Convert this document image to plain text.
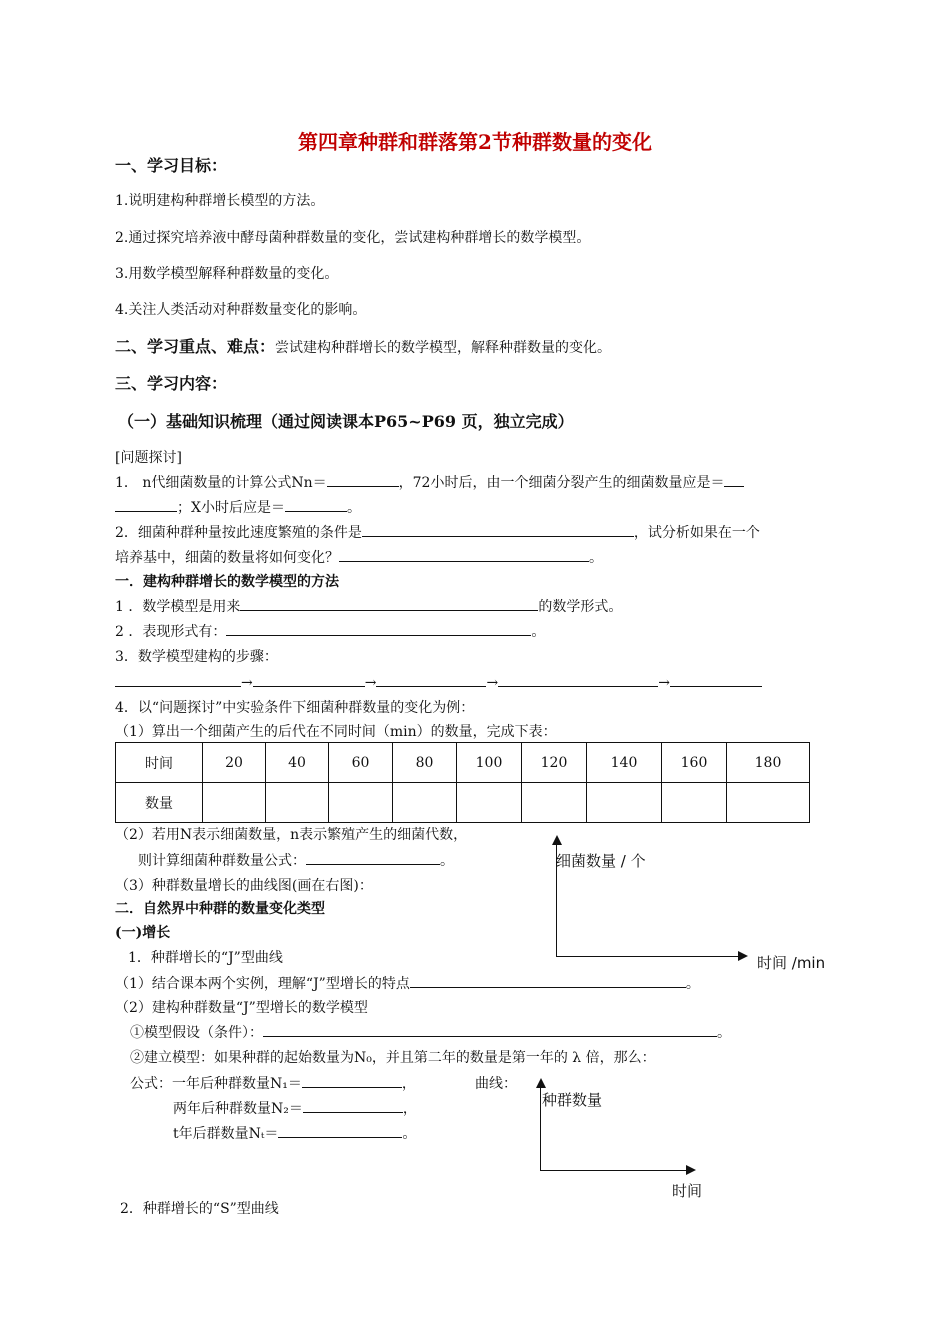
第四章种群和群落第2节种群数量的变化
一、学习目标：
1.说明建构种群增长模型的方法。
2.通过探究培养液中酵母菌种群数量的变化，尝试建构种群增长的数学模型。
3.用数学模型解释种群数量的变化。
4.关注人类活动对种群数量变化的影响。
二、学习重点、难点：尝试建构种群增长的数学模型，解释种群数量的变化。
三、学习内容：
（一）基础知识梳理（通过阅读课本P65~P69 页，独立完成）
[问题探讨]
1． n代细菌数量的计算公式Nn＝	，72小时后，由一个细菌分裂产生的细菌数量应是＝
；X小时后应是＝	。
2．细菌种群种量按此速度繁殖的条件是	，试分析如果在一个
培养基中，细菌的数量将如何变化？	。
一．建构种群增长的数学模型的方法
1 ．数学模型是用来	的数学形式。
2 ．表现形式有：	。
3．数学模型建构的步骤：
→	→	→	→
4．以“问题探讨”中实验条件下细菌种群数量的变化为例：
（1）算出一个细菌产生的后代在不同时间（min）的数量，完成下表：
时间	20	40	60	80	100	120	140	160	180
数量									
（2）若用N表示细菌数量，n表示繁殖产生的细菌代数，
则计算细菌种群数量公式：	。
（3）种群数量增长的曲线图(画在右图)：
细菌数量 / 个
时间 /min
二．自然界中种群的数量变化类型
(一)增长
1．种群增长的“J”型曲线
（1）结合课本两个实例，理解“J”型增长的特点	。
（2）建构种群数量“J”型增长的数学模型
①模型假设（条件）：	。
②建立模型：如果种群的起始数量为N₀，并且第二年的数量是第一年的 λ 倍，那么：
公式：一年后种群数量N₁＝	，	曲线：
两年后种群数量N₂＝	，
t年后群数量Nₜ＝	。
种群数量
时间
2．种群增长的“S”型曲线
